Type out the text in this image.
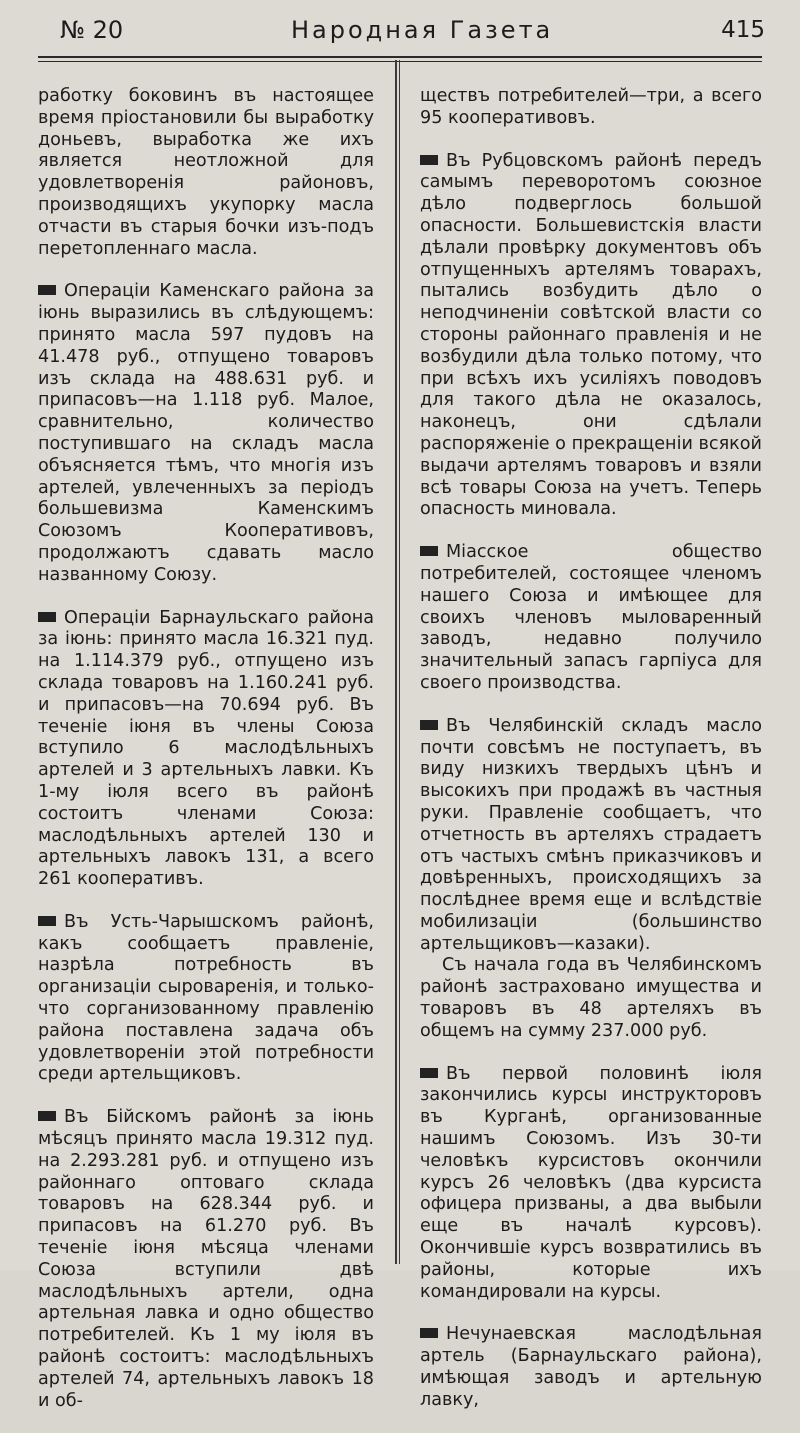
№ 20	Народная Газета	415

работку боковинъ въ настоящее время пріостановили бы выработку доньевъ, выработка же ихъ является неотложной для удовлетворенія районовъ, производящихъ укупорку масла отчасти въ старыя бочки изъ-подъ перетопленнаго масла.

Операціи Каменскаго района за іюнь выразились въ слѣдующемъ: принято масла 597 пудовъ на 41.478 руб., отпущено товаровъ изъ склада на 488.631 руб. и припасовъ—на 1.118 руб. Малое, сравнительно, количество поступившаго на складъ масла объясняется тѣмъ, что многія изъ артелей, увлеченныхъ за періодъ большевизма Каменскимъ Союзомъ Кооперативовъ, продолжаютъ сдавать масло названному Союзу.

Операціи Барнаульскаго района за іюнь: принято масла 16.321 пуд. на 1.114.379 руб., отпущено изъ склада товаровъ на 1.160.241 руб. и припасовъ—на 70.694 руб. Въ теченіе іюня въ члены Союза вступило 6 маслодѣльныхъ артелей и 3 артельныхъ лавки. Къ 1-му іюля всего въ районѣ состоитъ членами Союза: маслодѣльныхъ артелей 130 и артельныхъ лавокъ 131, а всего 261 кооперативъ.

Въ Усть-Чарышскомъ районѣ, какъ сообщаетъ правленіе, назрѣла потребность въ организаціи сыроваренія, и только-что сорганизованному правленію района поставлена задача объ удовлетвореніи этой потребности среди артельщиковъ.

Въ Бійскомъ районѣ за іюнь мѣсяцъ принято масла 19.312 пуд. на 2.293.281 руб. и отпущено изъ районнаго оптоваго склада товаровъ на 628.344 руб. и припасовъ на 61.270 руб. Въ теченіе іюня мѣсяца членами Союза вступили двѣ маслодѣльныхъ артели, одна артельная лавка и одно общество потребителей. Къ 1 му іюля въ районѣ состоитъ: маслодѣльныхъ артелей 74, артельныхъ лавокъ 18 и об-

ществъ потребителей—три, а всего 95 кооперативовъ.

Въ Рубцовскомъ районѣ передъ самымъ переворотомъ союзное дѣло подверглось большой опасности. Большевистскія власти дѣлали провѣрку документовъ объ отпущенныхъ артелямъ товарахъ, пытались возбудить дѣло о неподчиненіи совѣтской власти со стороны районнаго правленія и не возбудили дѣла только потому, что при всѣхъ ихъ усиліяхъ поводовъ для такого дѣла не оказалось, наконецъ, они сдѣлали распоряженіе о прекращеніи всякой выдачи артелямъ товаровъ и взяли всѣ товары Союза на учетъ. Теперь опасность миновала.

Міасское общество потребителей, состоящее членомъ нашего Союза и имѣющее для своихъ членовъ мыловаренный заводъ, недавно получило значительный запасъ гарпіуса для своего производства.

Въ Челябинскій складъ масло почти совсѣмъ не поступаетъ, въ виду низкихъ твердыхъ цѣнъ и высокихъ при продажѣ въ частныя руки. Правленіе сообщаетъ, что отчетность въ артеляхъ страдаетъ отъ частыхъ смѣнъ приказчиковъ и довѣренныхъ, происходящихъ за послѣднее время еще и вслѣдствіе мобилизаціи (большинство артельщиковъ—казаки).

Съ начала года въ Челябинскомъ районѣ застраховано имущества и товаровъ въ 48 артеляхъ въ общемъ на сумму 237.000 руб.

Въ первой половинѣ іюля закончились курсы инструкторовъ въ Курганѣ, организованные нашимъ Союзомъ. Изъ 30-ти человѣкъ курсистовъ окончили курсъ 26 человѣкъ (два курсиста офицера призваны, а два выбыли еще въ началѣ курсовъ). Окончившіе курсъ возвратились въ районы, которые ихъ командировали на курсы.

Нечунаевская маслодѣльная артель (Барнаульскаго района), имѣющая заводъ и артельную лавку,
